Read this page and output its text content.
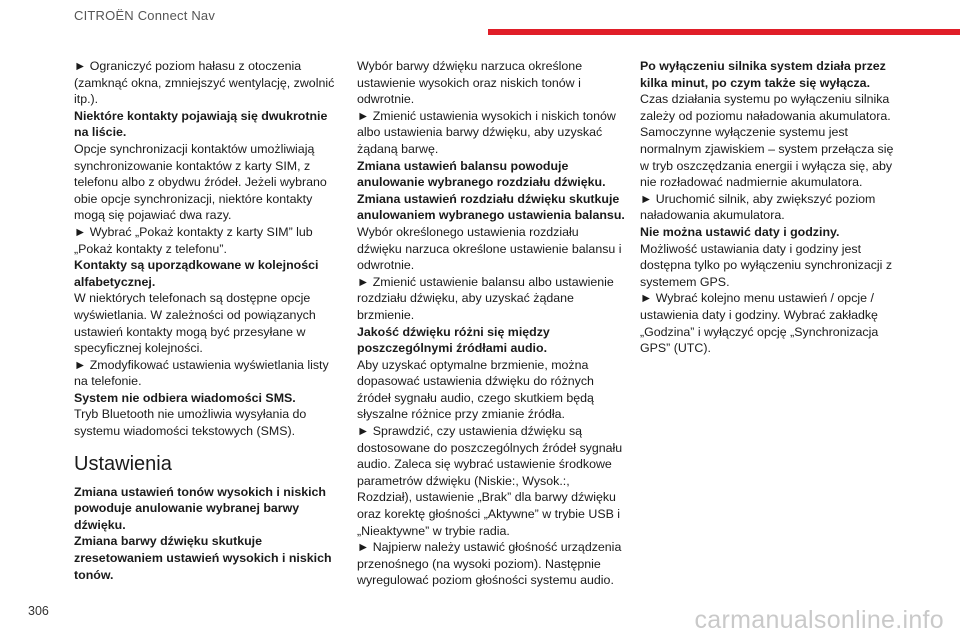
CITROËN Connect Nav

► Ograniczyć poziom hałasu z otoczenia (zamknąć okna, zmniejszyć wentylację, zwolnić itp.).

Niektóre kontakty pojawiają się dwukrotnie na liście.

Opcje synchronizacji kontaktów umożliwiają synchronizowanie kontaktów z karty SIM, z telefonu albo z obydwu źródeł. Jeżeli wybrano obie opcje synchronizacji, niektóre kontakty mogą się pojawiać dwa razy.

► Wybrać „Pokaż kontakty z karty SIM” lub „Pokaż kontakty z telefonu”.

Kontakty są uporządkowane w kolejności alfabetycznej.

W niektórych telefonach są dostępne opcje wyświetlania. W zależności od powiązanych ustawień kontakty mogą być przesyłane w specyficznej kolejności.

► Zmodyfikować ustawienia wyświetlania listy na telefonie.

System nie odbiera wiadomości SMS.

Tryb Bluetooth nie umożliwia wysyłania do systemu wiadomości tekstowych (SMS).

Ustawienia

Zmiana ustawień tonów wysokich i niskich powoduje anulowanie wybranej barwy dźwięku.

Zmiana barwy dźwięku skutkuje zresetowaniem ustawień wysokich i niskich tonów.

Wybór barwy dźwięku narzuca określone ustawienie wysokich oraz niskich tonów i odwrotnie.

► Zmienić ustawienia wysokich i niskich tonów albo ustawienia barwy dźwięku, aby uzyskać żądaną barwę.

Zmiana ustawień balansu powoduje anulowanie wybranego rozdziału dźwięku.

Zmiana ustawień rozdziału dźwięku skutkuje anulowaniem wybranego ustawienia balansu.

Wybór określonego ustawienia rozdziału dźwięku narzuca określone ustawienie balansu i odwrotnie.

► Zmienić ustawienie balansu albo ustawienie rozdziału dźwięku, aby uzyskać żądane brzmienie.

Jakość dźwięku różni się między poszczególnymi źródłami audio.

Aby uzyskać optymalne brzmienie, można dopasować ustawienia dźwięku do różnych źródeł sygnału audio, czego skutkiem będą słyszalne różnice przy zmianie źródła.

► Sprawdzić, czy ustawienia dźwięku są dostosowane do poszczególnych źródeł sygnału audio. Zaleca się wybrać ustawienie środkowe parametrów dźwięku (Niskie:, Wysok.:, Rozdział), ustawienie „Brak” dla barwy dźwięku oraz korektę głośności „Aktywne” w trybie USB i „Nieaktywne” w trybie radia.

► Najpierw należy ustawić głośność urządzenia przenośnego (na wysoki poziom). Następnie wyregulować poziom głośności systemu audio.

Po wyłączeniu silnika system działa przez kilka minut, po czym także się wyłącza.

Czas działania systemu po wyłączeniu silnika zależy od poziomu naładowania akumulatora.

Samoczynne wyłączenie systemu jest normalnym zjawiskiem – system przełącza się w tryb oszczędzania energii i wyłącza się, aby nie rozładować nadmiernie akumulatora.

► Uruchomić silnik, aby zwiększyć poziom naładowania akumulatora.

Nie można ustawić daty i godziny.

Możliwość ustawiania daty i godziny jest dostępna tylko po wyłączeniu synchronizacji z systemem GPS.

► Wybrać kolejno menu ustawień / opcje / ustawienia daty i godziny. Wybrać zakładkę „Godzina” i wyłączyć opcję „Synchronizacja GPS” (UTC).

306	carmanualsonline.info
